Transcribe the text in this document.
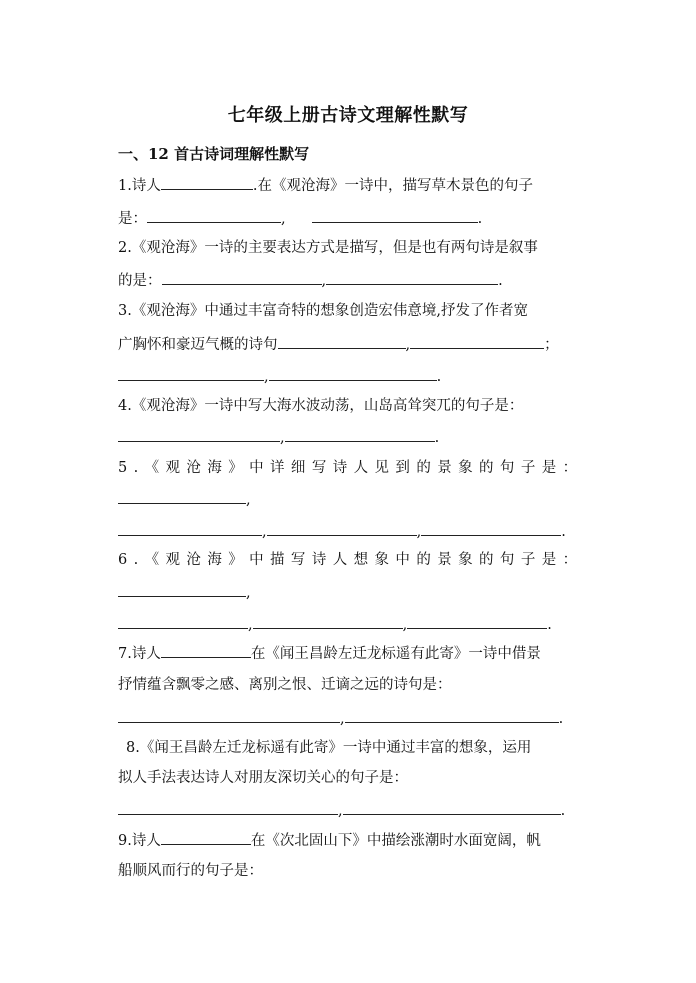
七年级上册古诗文理解性默写
一、12 首古诗词理解性默写
1.诗人	.在《观沧海》一诗中，描写草木景色的句子
是：	,	.
2.《观沧海》一诗的主要表达方式是描写，但是也有两句诗是叙事
的是：	,	.
3.《观沧海》中通过丰富奇特的想象创造宏伟意境,抒发了作者宽
广胸怀和豪迈气概的诗句	,	；
,	.
4.《观沧海》一诗中写大海水波动荡，山岛高耸突兀的句子是：
,	.
5.《观沧海》中详细写诗人见到的景象的句子是：
,
,	,	.
6.《观沧海》中描写诗人想象中的景象的句子是：
,
,	,	.
7.诗人	在《闻王昌龄左迁龙标遥有此寄》一诗中借景
抒情蕴含飘零之感、离别之恨、迁谪之远的诗句是：
,	.
8.《闻王昌龄左迁龙标遥有此寄》一诗中通过丰富的想象，运用
拟人手法表达诗人对朋友深切关心的句子是：
,	.
9.诗人	在《次北固山下》中描绘涨潮时水面宽阔，帆
船顺风而行的句子是：
